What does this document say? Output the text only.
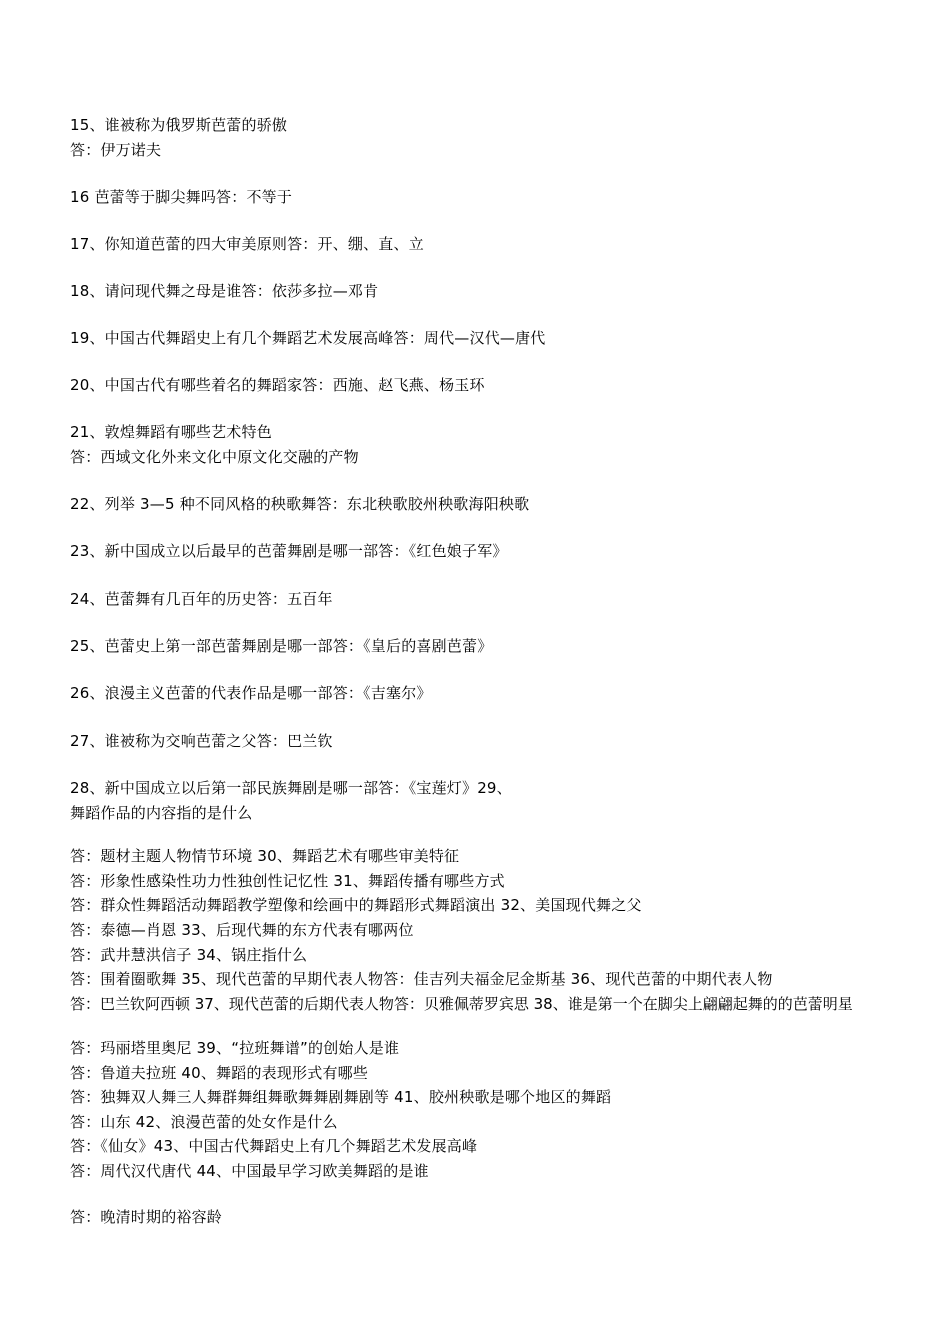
15、谁被称为俄罗斯芭蕾的骄傲
答：伊万诺夫
16 芭蕾等于脚尖舞吗答：不等于
17、你知道芭蕾的四大审美原则答：开、绷、直、立
18、请问现代舞之母是谁答：依莎多拉—邓肯
19、中国古代舞蹈史上有几个舞蹈艺术发展高峰答：周代—汉代—唐代
20、中国古代有哪些着名的舞蹈家答：西施、赵飞燕、杨玉环
21、敦煌舞蹈有哪些艺术特色
答：西域文化外来文化中原文化交融的产物
22、列举 3—5 种不同风格的秧歌舞答：东北秧歌胶州秧歌海阳秧歌
23、新中国成立以后最早的芭蕾舞剧是哪一部答：《红色娘子军》
24、芭蕾舞有几百年的历史答：五百年
25、芭蕾史上第一部芭蕾舞剧是哪一部答：《皇后的喜剧芭蕾》
26、浪漫主义芭蕾的代表作品是哪一部答：《吉塞尔》
27、谁被称为交响芭蕾之父答：巴兰钦
28、新中国成立以后第一部民族舞剧是哪一部答：《宝莲灯》29、
舞蹈作品的内容指的是什么
答：题材主题人物情节环境 30、舞蹈艺术有哪些审美特征
答：形象性感染性功力性独创性记忆性 31、舞蹈传播有哪些方式
答：群众性舞蹈活动舞蹈教学塑像和绘画中的舞蹈形式舞蹈演出 32、美国现代舞之父
答：泰德—肖恩 33、后现代舞的东方代表有哪两位
答：武井慧洪信子 34、锅庄指什么
答：围着圈歌舞 35、现代芭蕾的早期代表人物答：佳吉列夫福金尼金斯基 36、现代芭蕾的中期代表人物
答：巴兰钦阿西顿 37、现代芭蕾的后期代表人物答：贝雅佩蒂罗宾思 38、谁是第一个在脚尖上翩翩起舞的的芭蕾明星
答：玛丽塔里奥尼 39、“拉班舞谱”的创始人是谁
答：鲁道夫拉班 40、舞蹈的表现形式有哪些
答：独舞双人舞三人舞群舞组舞歌舞舞剧舞剧等 41、胶州秧歌是哪个地区的舞蹈
答：山东 42、浪漫芭蕾的处女作是什么
答：《仙女》43、中国古代舞蹈史上有几个舞蹈艺术发展高峰
答：周代汉代唐代 44、中国最早学习欧美舞蹈的是谁
答：晚清时期的裕容龄
